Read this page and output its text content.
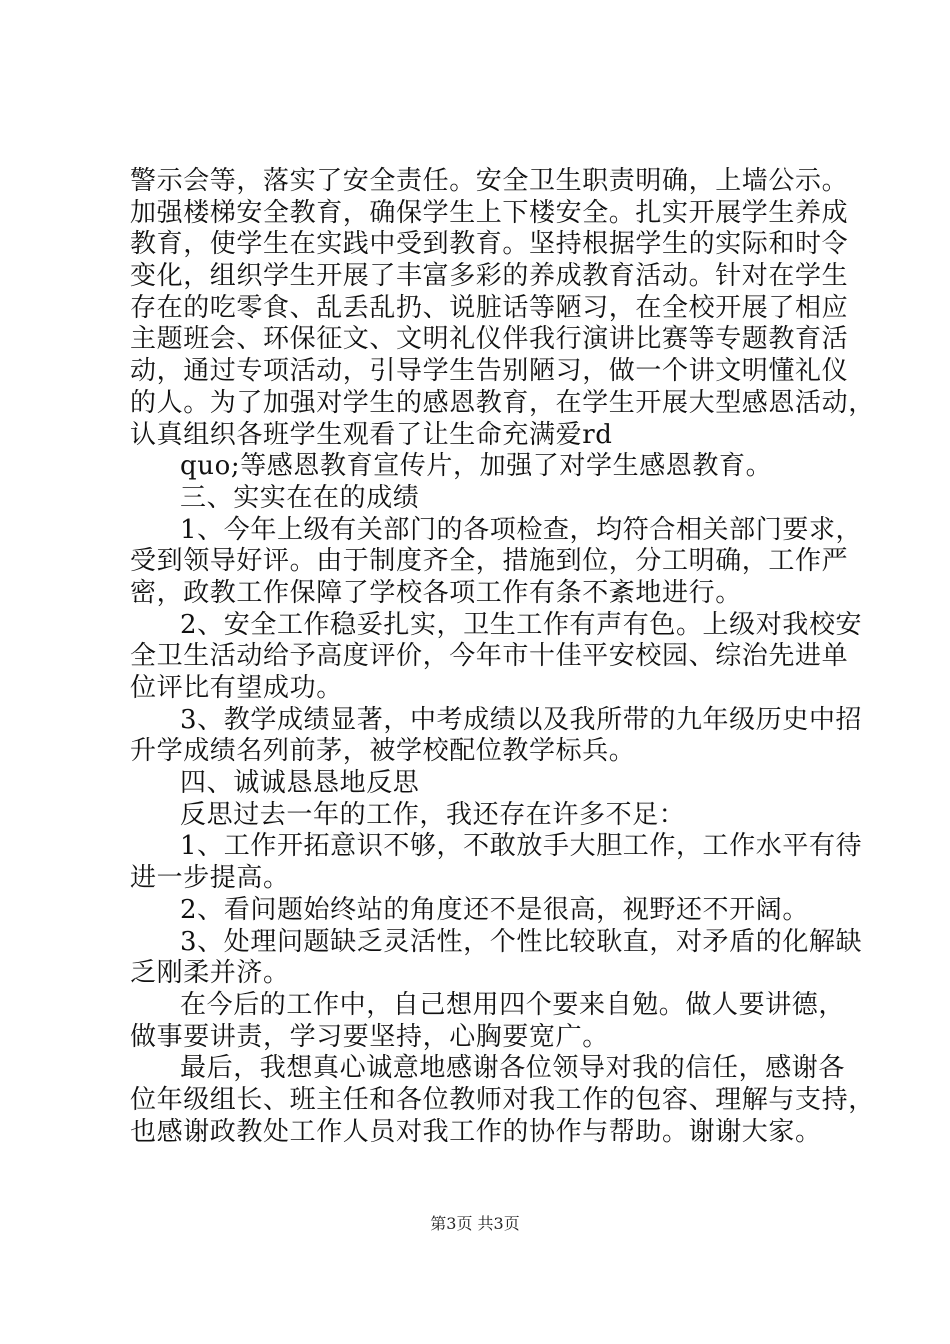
警示会等，落实了安全责任。安全卫生职责明确，上墙公示。
加强楼梯安全教育，确保学生上下楼安全。扎实开展学生养成
教育，使学生在实践中受到教育。坚持根据学生的实际和时令
变化，组织学生开展了丰富多彩的养成教育活动。针对在学生
存在的吃零食、乱丢乱扔、说脏话等陋习，在全校开展了相应
主题班会、环保征文、文明礼仪伴我行演讲比赛等专题教育活
动，通过专项活动，引导学生告别陋习，做一个讲文明懂礼仪
的人。为了加强对学生的感恩教育，在学生开展大型感恩活动，
认真组织各班学生观看了让生命充满爱rd
quo;等感恩教育宣传片，加强了对学生感恩教育。
三、实实在在的成绩
1、今年上级有关部门的各项检查，均符合相关部门要求，
受到领导好评。由于制度齐全，措施到位，分工明确，工作严
密，政教工作保障了学校各项工作有条不紊地进行。
2、安全工作稳妥扎实，卫生工作有声有色。上级对我校安
全卫生活动给予高度评价，今年市十佳平安校园、综治先进单
位评比有望成功。
3、教学成绩显著，中考成绩以及我所带的九年级历史中招
升学成绩名列前茅，被学校配位教学标兵。
四、诚诚恳恳地反思
反思过去一年的工作，我还存在许多不足：
1、工作开拓意识不够，不敢放手大胆工作，工作水平有待
进一步提高。
2、看问题始终站的角度还不是很高，视野还不开阔。
3、处理问题缺乏灵活性，个性比较耿直，对矛盾的化解缺
乏刚柔并济。
在今后的工作中，自己想用四个要来自勉。做人要讲德，
做事要讲责，学习要坚持，心胸要宽广。
最后，我想真心诚意地感谢各位领导对我的信任，感谢各
位年级组长、班主任和各位教师对我工作的包容、理解与支持，
也感谢政教处工作人员对我工作的协作与帮助。谢谢大家。
第3页 共3页
